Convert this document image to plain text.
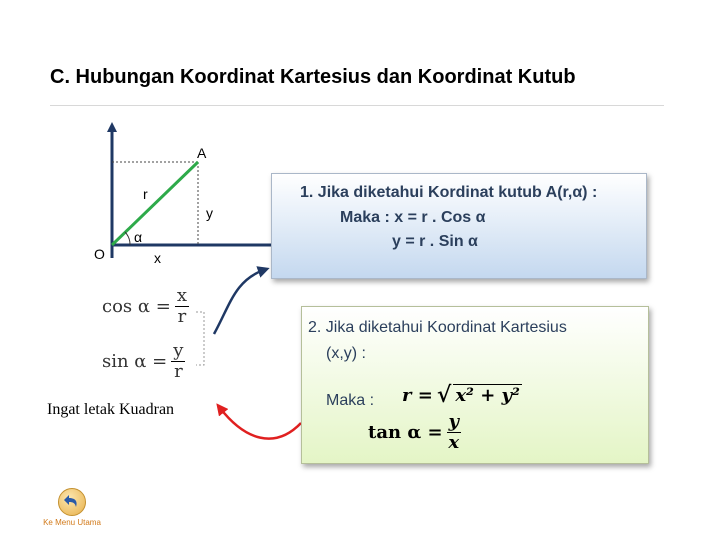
C. Hubungan Koordinat Kartesius dan Koordinat Kutub
A
O
r
y
x
α
$\cos \alpha = \frac{x}{r}$
$\sin \alpha = \frac{y}{r}$
Ingat letak Kuadran
1. Jika diketahui Kordinat kutub A(r,α) :
Maka : x = r . Cos α
y = r . Sin α
2. Jika diketahui Koordinat Kartesius
(x,y) :
Maka : r = √ x² + y²
$\tan \alpha = \frac{y}{x}$
Ke Menu Utama
